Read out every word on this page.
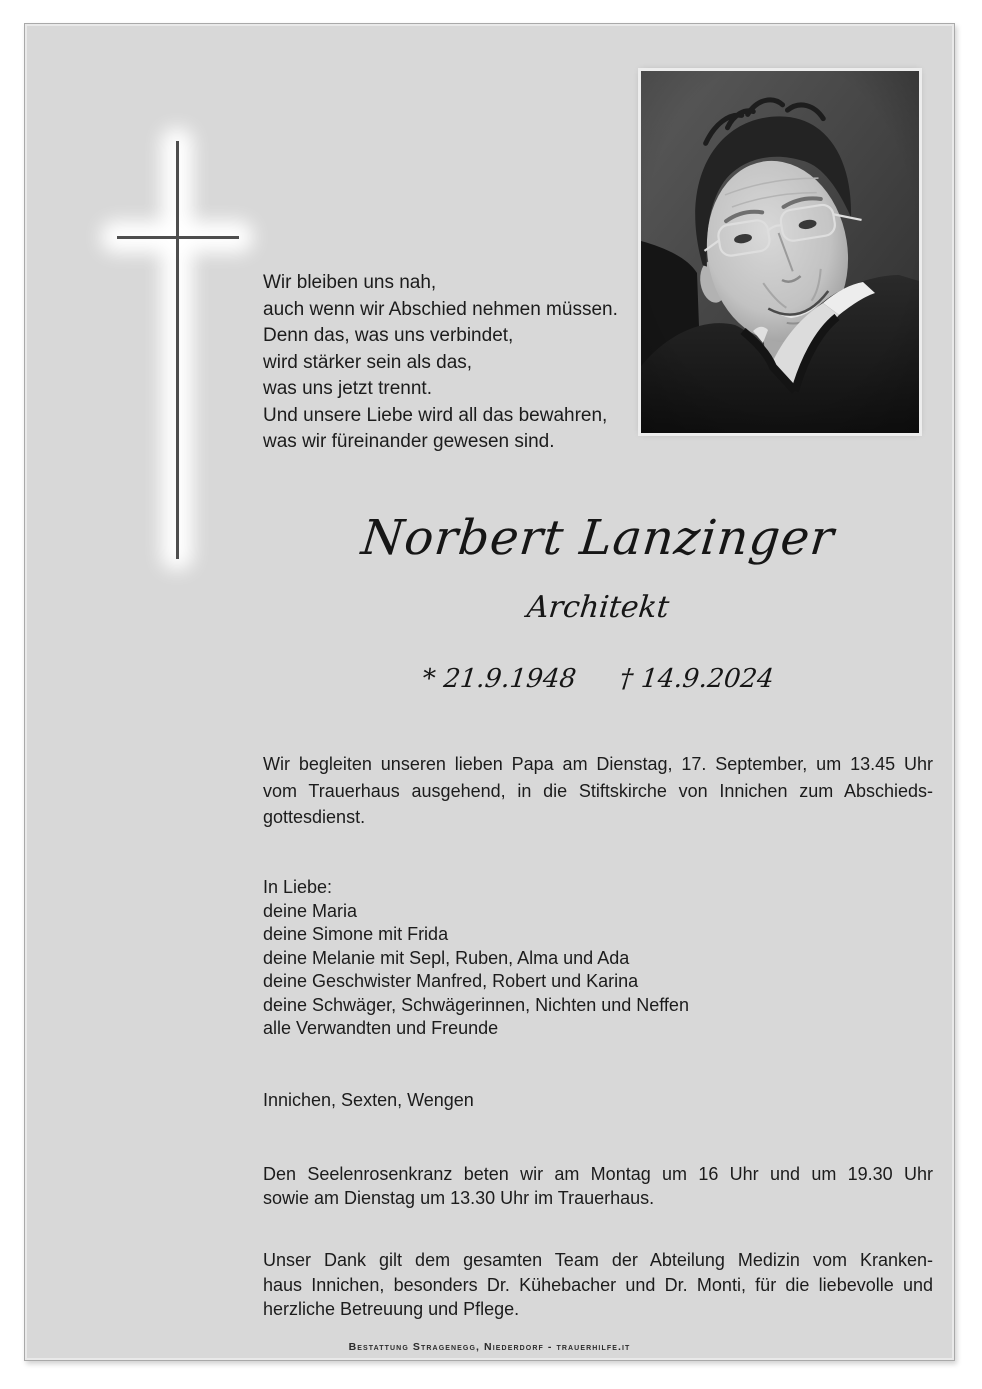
Wir bleiben uns nah,
auch wenn wir Abschied nehmen müssen.
Denn das, was uns verbindet,
wird stärker sein als das,
was uns jetzt trennt.
Und unsere Liebe wird all das bewahren,
was wir füreinander gewesen sind.
Norbert Lanzinger
Architekt
* 21.9.1948 † 14.9.2024
Wir begleiten unseren lieben Papa am Dienstag, 17. September, um 13.45 Uhr
vom Trauerhaus ausgehend, in die Stiftskirche von Innichen zum Abschieds-
gottesdienst.
In Liebe:
deine Maria
deine Simone mit Frida
deine Melanie mit Sepl, Ruben, Alma und Ada
deine Geschwister Manfred, Robert und Karina
deine Schwäger, Schwägerinnen, Nichten und Neffen
alle Verwandten und Freunde
Innichen, Sexten, Wengen
Den Seelenrosenkranz beten wir am Montag um 16 Uhr und um 19.30 Uhr
sowie am Dienstag um 13.30 Uhr im Trauerhaus.
Unser Dank gilt dem gesamten Team der Abteilung Medizin vom Kranken-
haus Innichen, besonders Dr. Kühebacher und Dr. Monti, für die liebevolle und
herzliche Betreuung und Pflege.
Bestattung Stragenegg, Niederdorf - trauerhilfe.it
